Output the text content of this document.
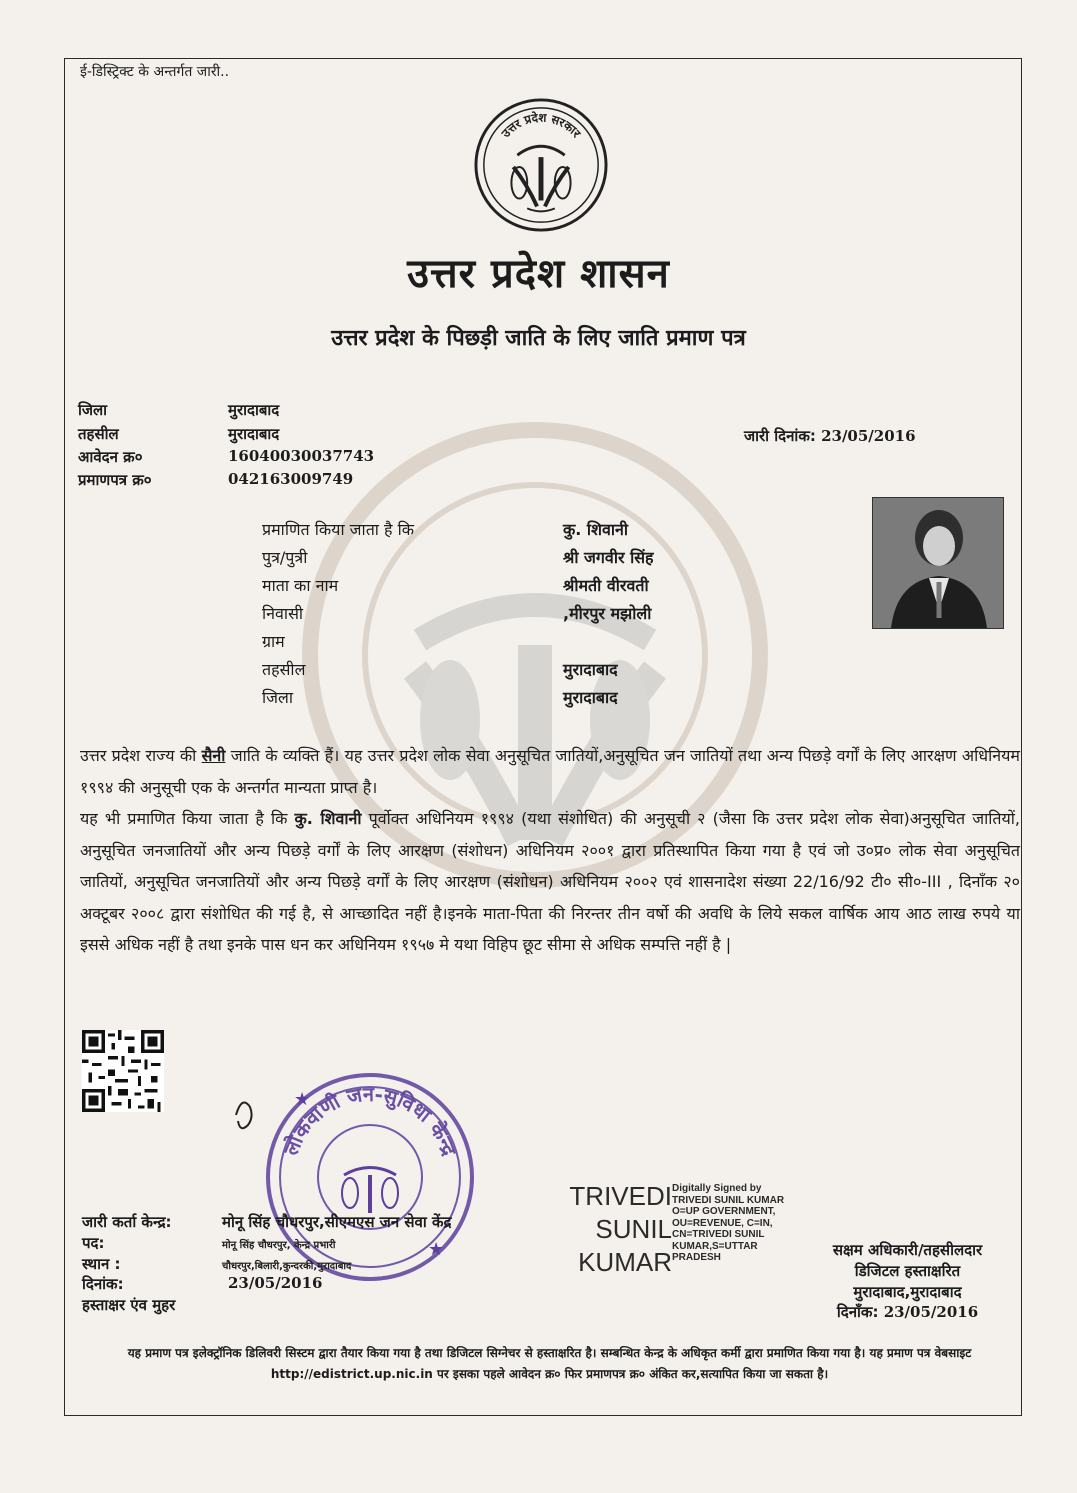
ई-डिस्ट्रिक्ट के अन्तर्गत जारी..
उत्तर प्रदेश सरकार
उत्तर प्रदेश शासन
उत्तर प्रदेश के पिछड़ी जाति के लिए जाति प्रमाण पत्र
जिला	मुरादाबाद
तहसील	मुरादाबाद
आवेदन क्र०	16040030037743
प्रमाणपत्र क्र०	042163009749
जारी दिनांक: 23/05/2016
प्रमाणित किया जाता है कि	कु. शिवानी
पुत्र/पुत्री	श्री जगवीर सिंह
माता का नाम	श्रीमती वीरवती
निवासी	,मीरपुर मझोली
ग्राम
तहसील	मुरादाबाद
जिला	मुरादाबाद

उत्तर प्रदेश राज्य की सैनी जाति के व्यक्ति हैं। यह उत्तर प्रदेश लोक सेवा अनुसूचित जातियों,अनुसूचित जन जातियों तथा अन्य पिछड़े वर्गों के लिए आरक्षण अधिनियम १९९४ की अनुसूची एक के अन्तर्गत मान्यता प्राप्त है।

यह भी प्रमाणित किया जाता है कि कु. शिवानी पूर्वोक्त अधिनियम १९९४ (यथा संशोधित) की अनुसूची २ (जैसा कि उत्तर प्रदेश लोक सेवा)अनुसूचित जातियों, अनुसूचित जनजातियों और अन्य पिछड़े वर्गों के लिए आरक्षण (संशोधन) अधिनियम २००१ द्वारा प्रतिस्थापित किया गया है एवं जो उ०प्र० लोक सेवा अनुसूचित जातियों, अनुसूचित जनजातियों और अन्य पिछड़े वर्गों के लिए आरक्षण (संशोधन) अधिनियम २००२ एवं शासनादेश संख्या 22/16/92 टी० सी०-III , दिनाँक २० अक्टूबर २००८ द्वारा संशोधित की गई है, से आच्छादित नहीं है।इनके माता-पिता की निरन्तर तीन वर्षो की अवधि के लिये सकल वार्षिक आय आठ लाख रुपये या इससे अधिक नहीं है तथा इनके पास धन कर अधिनियम १९५७ मे यथा विहिप छूट सीमा से अधिक सम्पत्ति नहीं है |

लोकवाणी जन-सुविधा केन्द्र
★
★
जारी कर्ता केन्द्र:	मोनू सिंह चौधरपुर,सीएमएस जन सेवा केंद्र
पद:	मोनू सिंह चौधरपुर, केन्द्र प्रभारी
स्थान :	चौधरपुर,बिलारी,कुन्दरकी,मुरादाबाद
दिनांक:	23/05/2016
हस्ताक्षर एंव मुहर
TRIVEDI
SUNIL
KUMAR
Digitally Signed by
TRIVEDI SUNIL KUMAR
O=UP GOVERNMENT,
OU=REVENUE, C=IN,
CN=TRIVEDI SUNIL
KUMAR,S=UTTAR
PRADESH	सक्षम अधिकारी/तहसीलदार
डिजिटल हस्ताक्षरित
मुरादाबाद,मुरादाबाद
दिनाँक: 23/05/2016
यह प्रमाण पत्र इलेक्ट्रॉनिक डिलिवरी सिस्टम द्वारा तैयार किया गया है तथा डिजिटल सिग्नेचर से हस्ताक्षरित है। सम्बन्धित केन्द्र के अधिकृत कर्मी द्वारा प्रमाणित किया गया है। यह प्रमाण पत्र वेबसाइट http://edistrict.up.nic.in पर इसका पहले आवेदन क्र० फिर प्रमाणपत्र क्र० अंकित कर,सत्यापित किया जा सकता है।
